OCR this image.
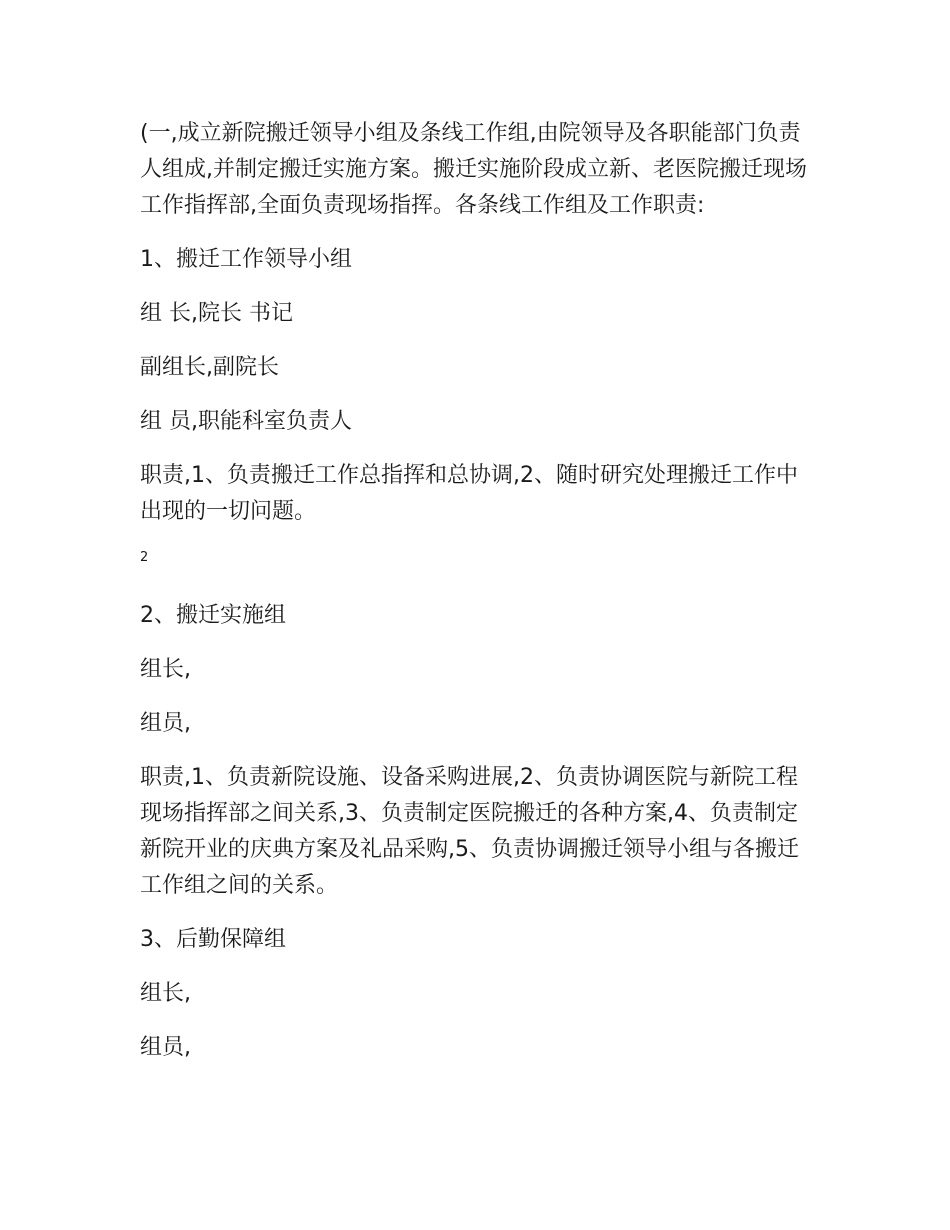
(一,成立新院搬迁领导小组及条线工作组,由院领导及各职能部门负责人组成,并制定搬迁实施方案。搬迁实施阶段成立新、老医院搬迁现场工作指挥部,全面负责现场指挥。各条线工作组及工作职责:

1、搬迁工作领导小组

组 长,院长 书记

副组长,副院长

组 员,职能科室负责人

职责,1、负责搬迁工作总指挥和总协调,2、随时研究处理搬迁工作中出现的一切问题。

2

2、搬迁实施组

组长,

组员,

职责,1、负责新院设施、设备采购进展,2、负责协调医院与新院工程现场指挥部之间关系,3、负责制定医院搬迁的各种方案,4、负责制定新院开业的庆典方案及礼品采购,5、负责协调搬迁领导小组与各搬迁工作组之间的关系。

3、后勤保障组

组长,

组员,
